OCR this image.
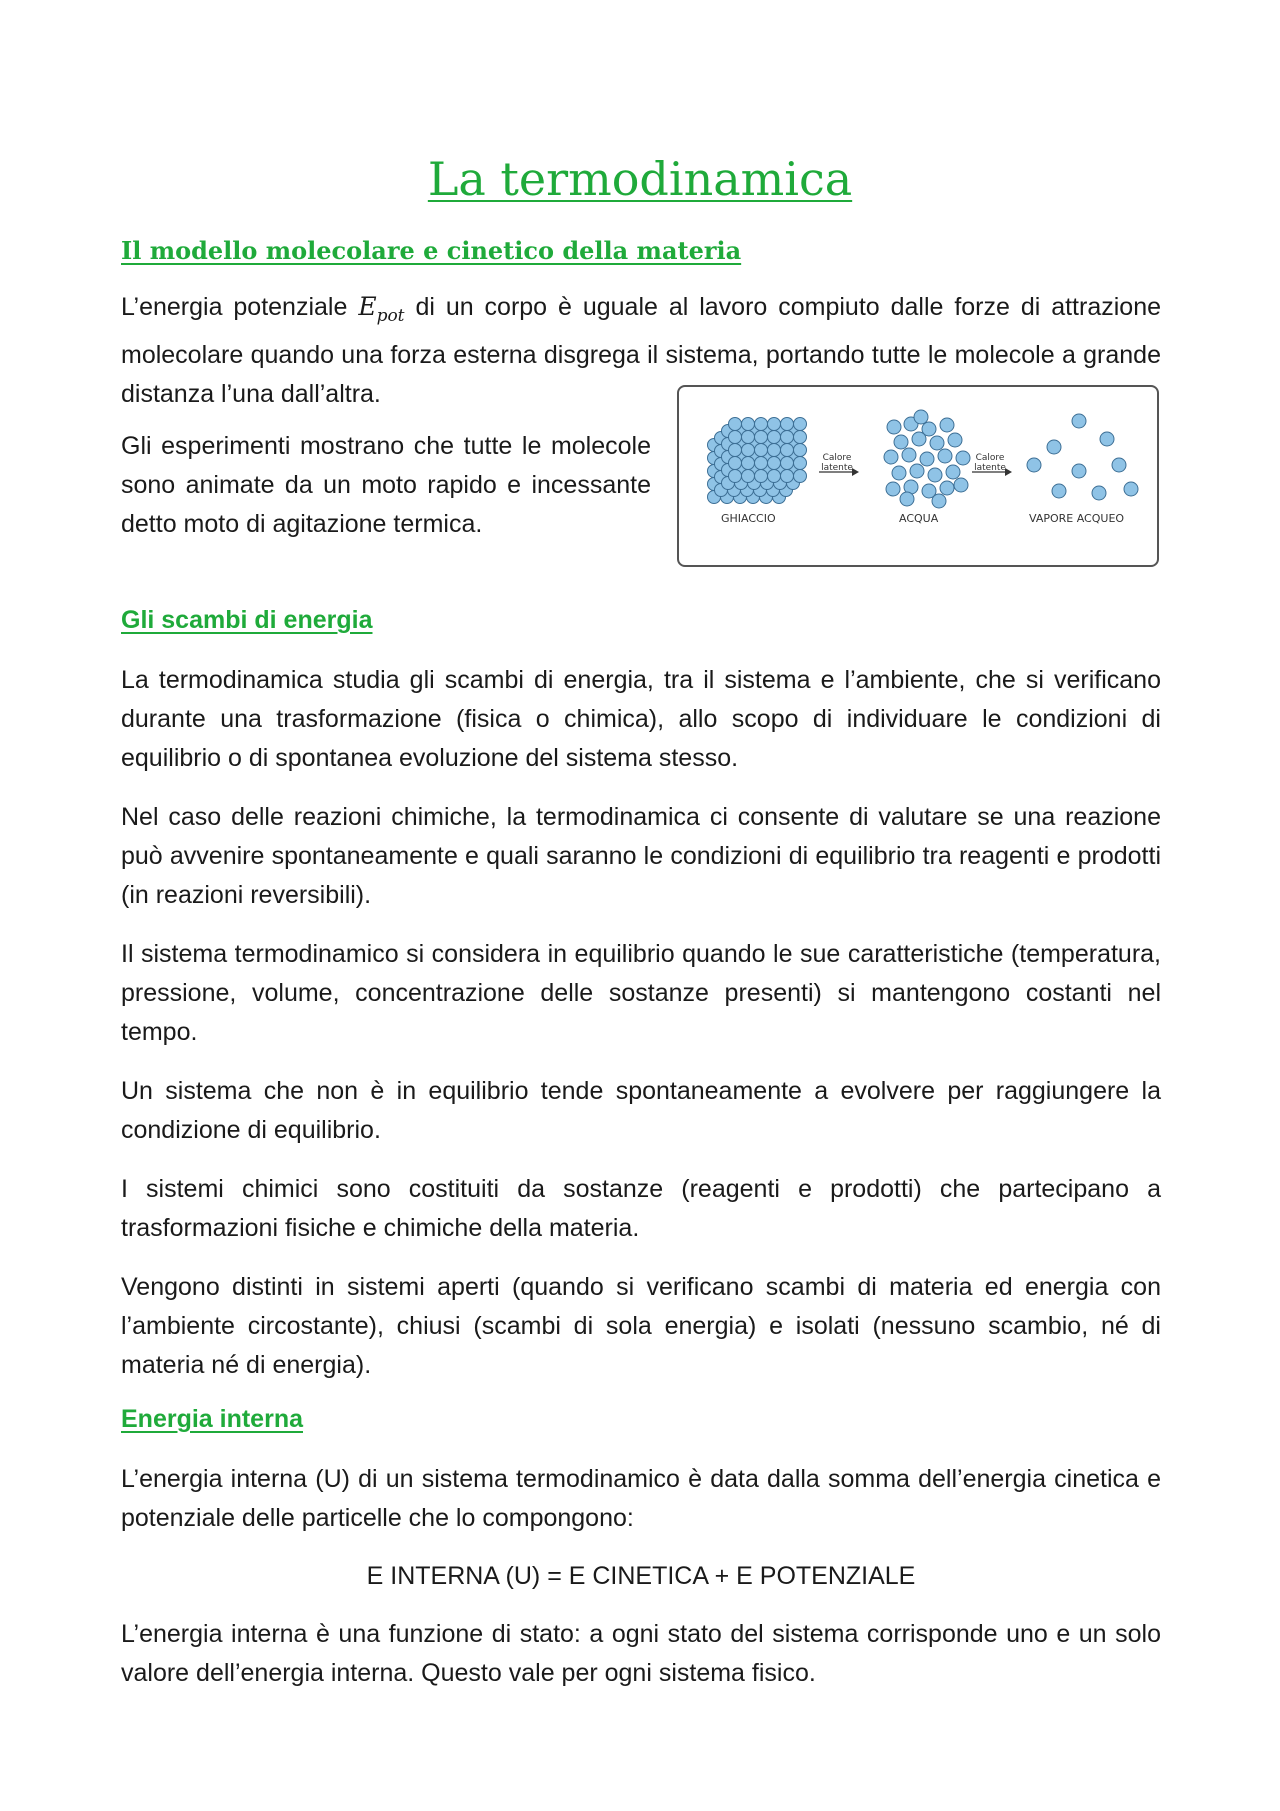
La termodinamica
Il modello molecolare e cinetico della materia

L’energia potenziale $E_{pot}$ di un corpo è uguale al lavoro compiuto dalle forze di attrazione molecolare quando una forza esterna disgrega il sistema, portando tutte le molecole a grande distanza l’una dall’altra.

Gli esperimenti mostrano che tutte le molecole sono animate da un moto rapido e incessante detto moto di agitazione termica.

Calore
latente
Calore
latente
GHIACCIO	ACQUA	VAPORE ACQUEO
Gli scambi di energia

La termodinamica studia gli scambi di energia, tra il sistema e l’ambiente, che si verificano durante una trasformazione (fisica o chimica), allo scopo di individuare le condizioni di equilibrio o di spontanea evoluzione del sistema stesso.

Nel caso delle reazioni chimiche, la termodinamica ci consente di valutare se una reazione può avvenire spontaneamente e quali saranno le condizioni di equilibrio tra reagenti e prodotti (in reazioni reversibili).

Il sistema termodinamico si considera in equilibrio quando le sue caratteristiche (temperatura, pressione, volume, concentrazione delle sostanze presenti) si mantengono costanti nel tempo.

Un sistema che non è in equilibrio tende spontaneamente a evolvere per raggiungere la condizione di equilibrio.

I sistemi chimici sono costituiti da sostanze (reagenti e prodotti) che partecipano a trasformazioni fisiche e chimiche della materia.

Vengono distinti in sistemi aperti (quando si verificano scambi di materia ed energia con l’ambiente circostante), chiusi (scambi di sola energia) e isolati (nessuno scambio, né di materia né di energia).

Energia interna

L’energia interna (U) di un sistema termodinamico è data dalla somma dell’energia cinetica e potenziale delle particelle che lo compongono:

E INTERNA (U) = E CINETICA + E POTENZIALE

L’energia interna è una funzione di stato: a ogni stato del sistema corrisponde uno e un solo valore dell’energia interna. Questo vale per ogni sistema fisico.
